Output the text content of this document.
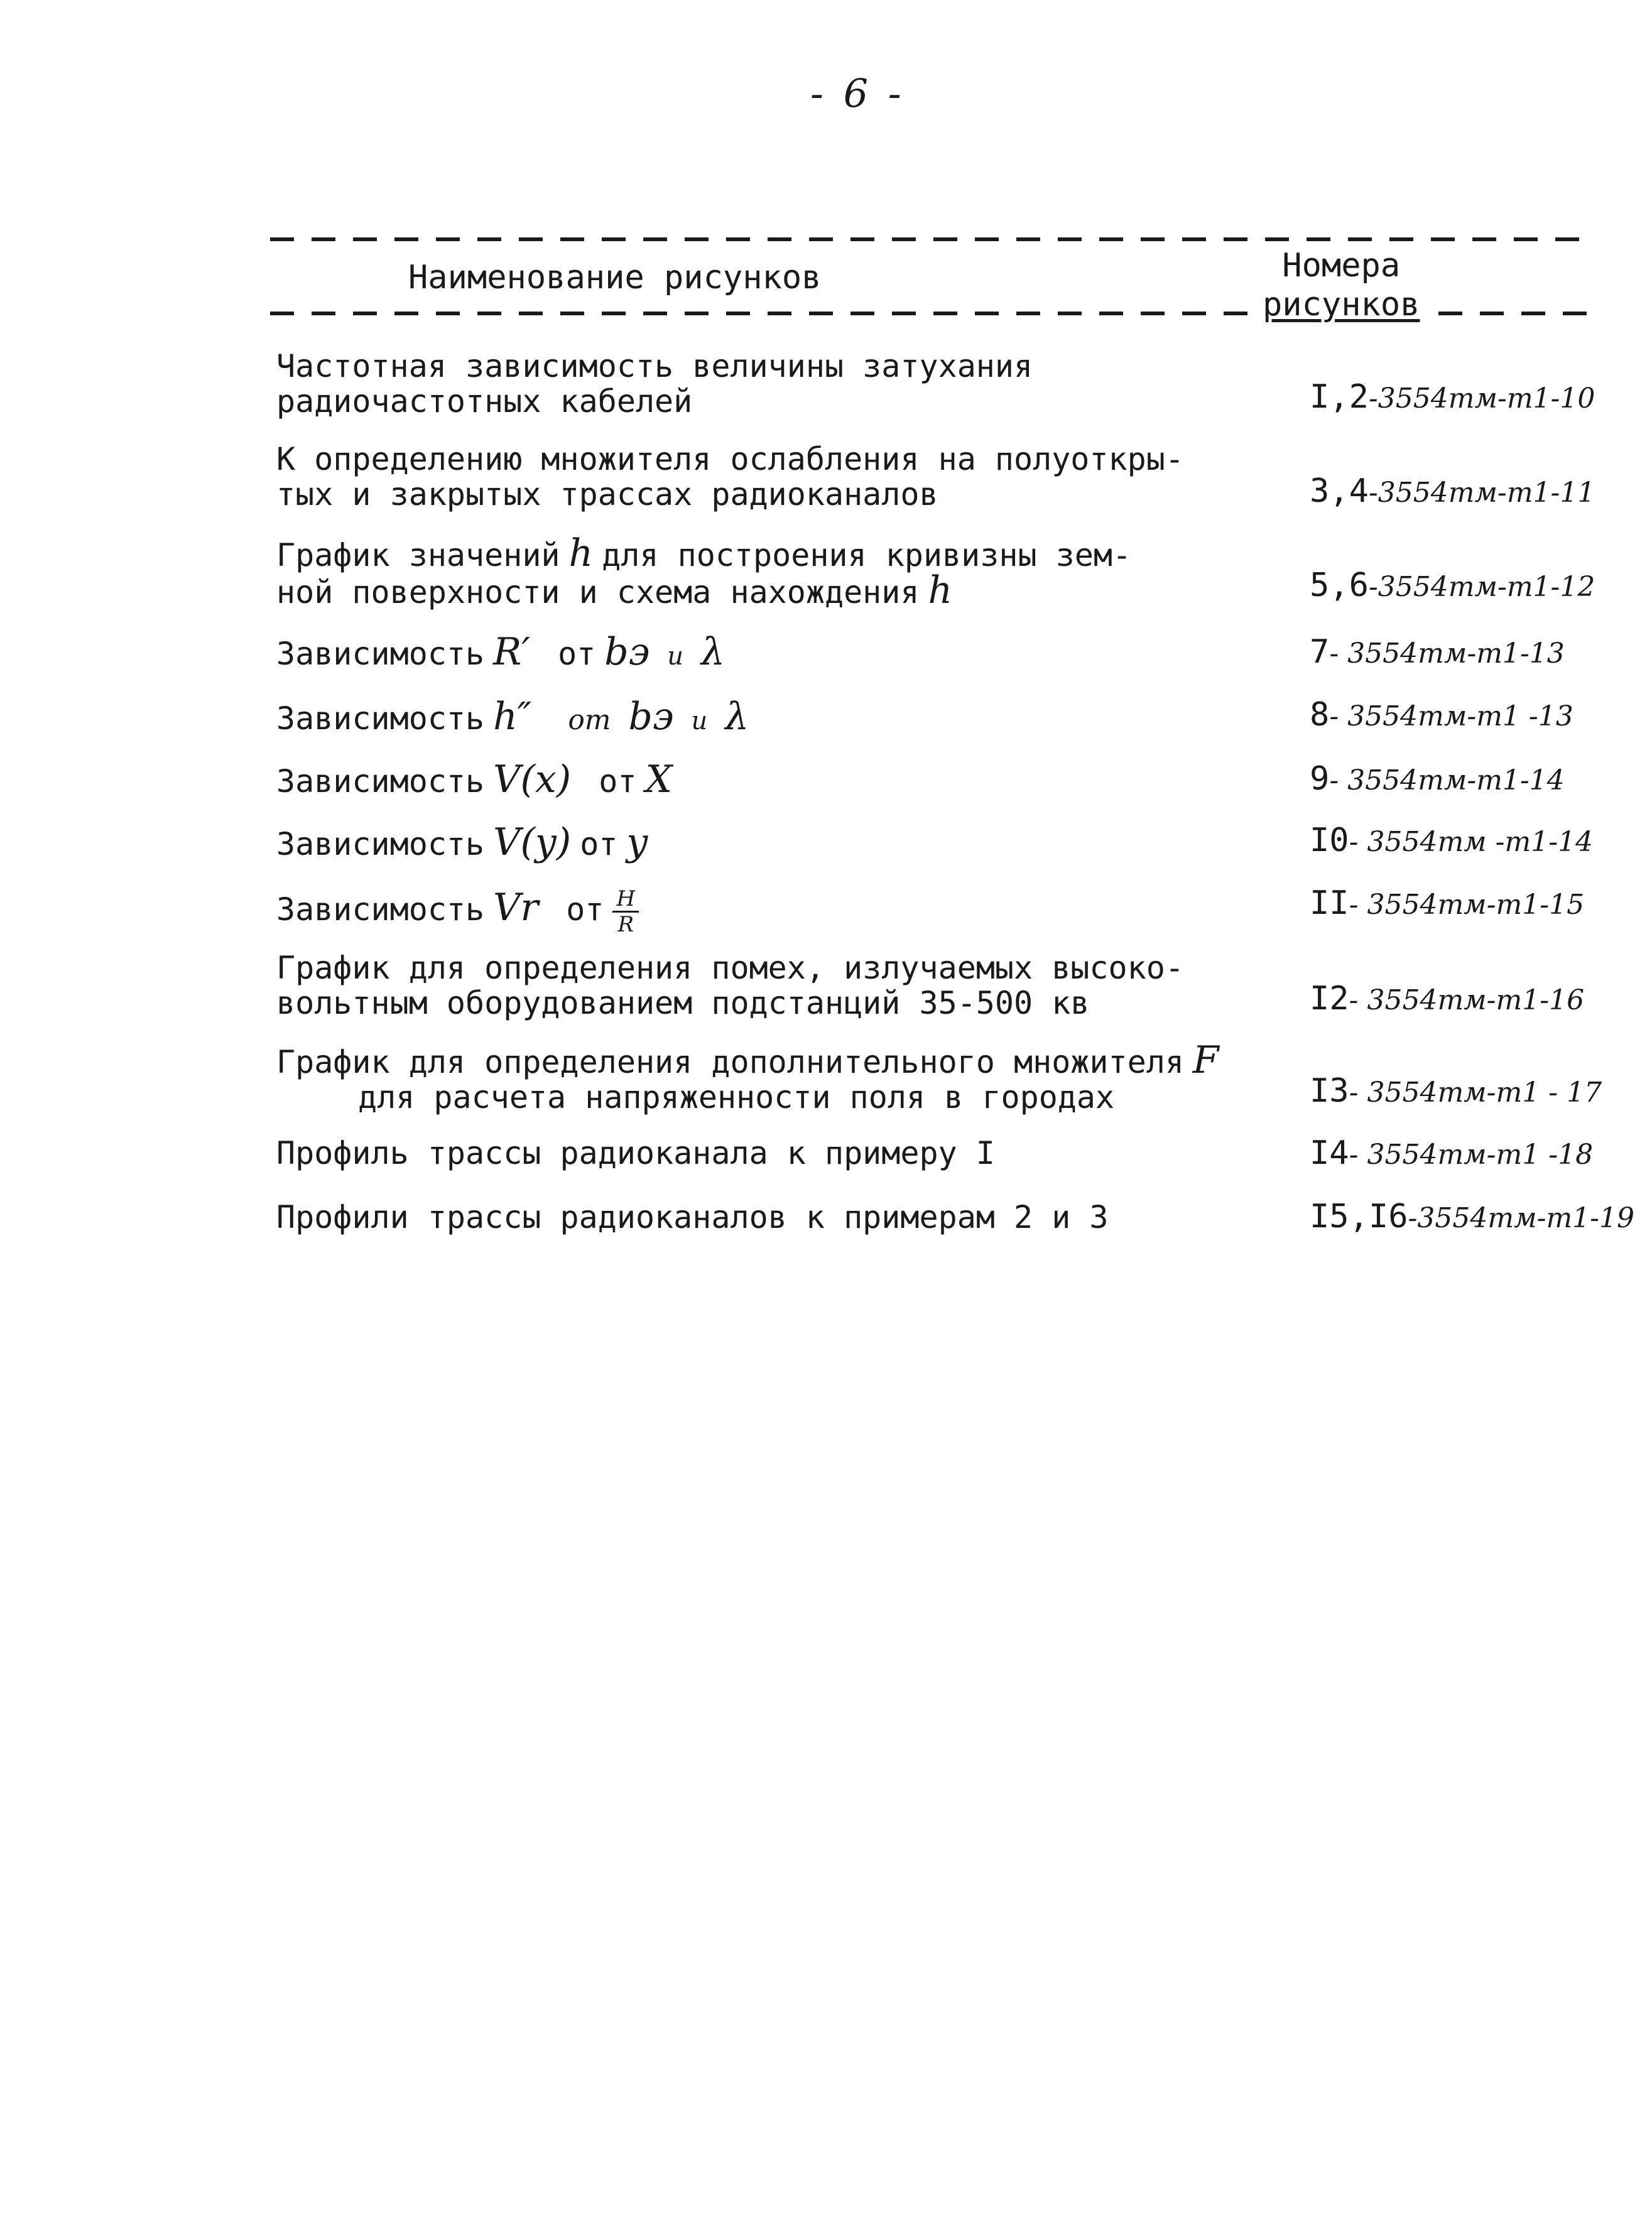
- 6 -
Наименование рисунков	Номера
рисунков
Частотная зависимость величины затухания
радиочастотных кабелей	I,2-3554тм-т1-10
К определению множителя ослабления на полуоткры-
тых и закрытых трассах радиоканалов	3,4-3554тм-т1-11
График значений h для построения кривизны зем-
ной поверхности и схема нахождения h	5,6-3554тм-т1-12
Зависимость R′ от bэ и λ	7- 3554тм-т1-13
Зависимость h″ от bэ и λ	8- 3554тм-т1 -13
Зависимость V(x) от X	9- 3554тм-т1-14
Зависимость V(y) от y	I0- 3554тм -т1-14
Зависимость Vr от $\frac{H}{R}$	II- 3554тм-т1-15
График для определения помех, излучаемых высоко-
вольтным оборудованием подстанций 35-500 кв	I2- 3554тм-т1-16
График для определения дополнительного множителя F
для расчета напряженности поля в городах	I3- 3554тм-т1 - 17
Профиль трассы радиоканала к примеру I	I4- 3554тм-т1 -18
Профили трассы радиоканалов к примерам 2 и 3	I5,I6-3554тм-т1-19
